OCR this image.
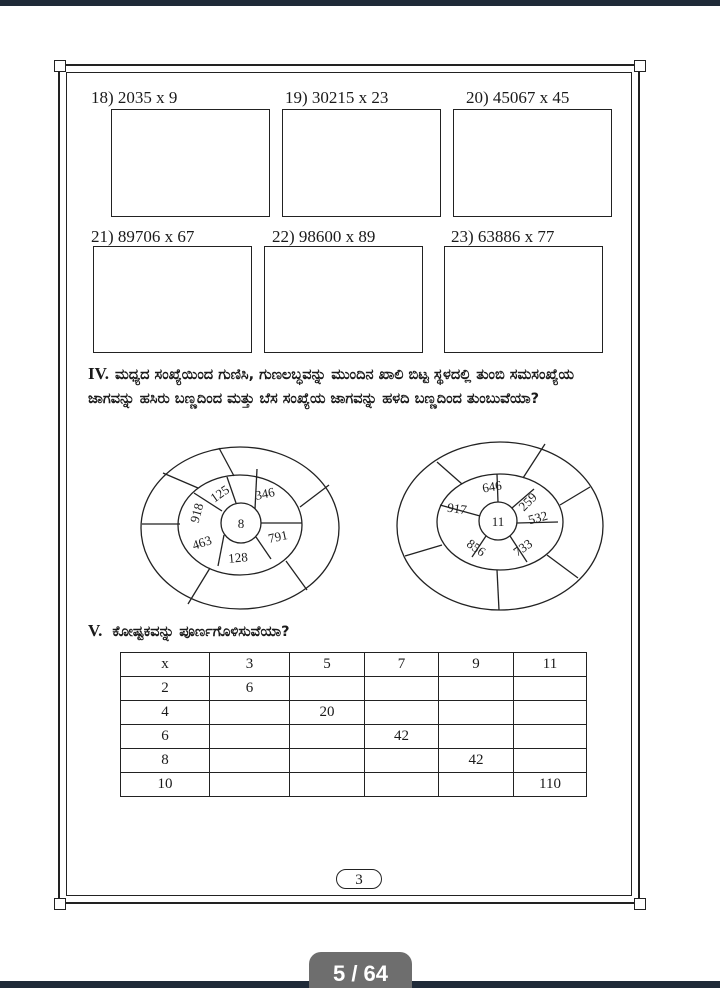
18) 2035 x 9	19) 30215 x 23	20) 45067 x 45
21) 89706 x 67	22) 98600 x 89	23) 63886 x 77
IV. ಮಧ್ಯದ ಸಂಖ್ಯೆಯಿಂದ ಗುಣಿಸಿ, ಗುಣಲಬ್ಧವನ್ನು ಮುಂದಿನ ಖಾಲಿ ಬಿಟ್ಟ ಸ್ಥಳದಲ್ಲಿ ತುಂಬಿ ಸಮಸಂಖ್ಯೆಯ ಜಾಗವನ್ನು ಹಸಿರು ಬಣ್ಣದಿಂದ ಮತ್ತು ಬೆಸ ಸಂಖ್ಯೆಯ ಜಾಗವನ್ನು ಹಳದಿ ಬಣ್ಣದಿಂದ ತುಂಬುವೆಯಾ?
8
125 346
791
128
463
918	11
646
259
532
733
856
917
V. ಕೋಷ್ಟಕವನ್ನು ಪೂರ್ಣಗೊಳಿಸುವೆಯಾ?
x	3	5	7	9	11
2	6				
4		20			
6			42		
8				42	
10					110
3
5 / 64
